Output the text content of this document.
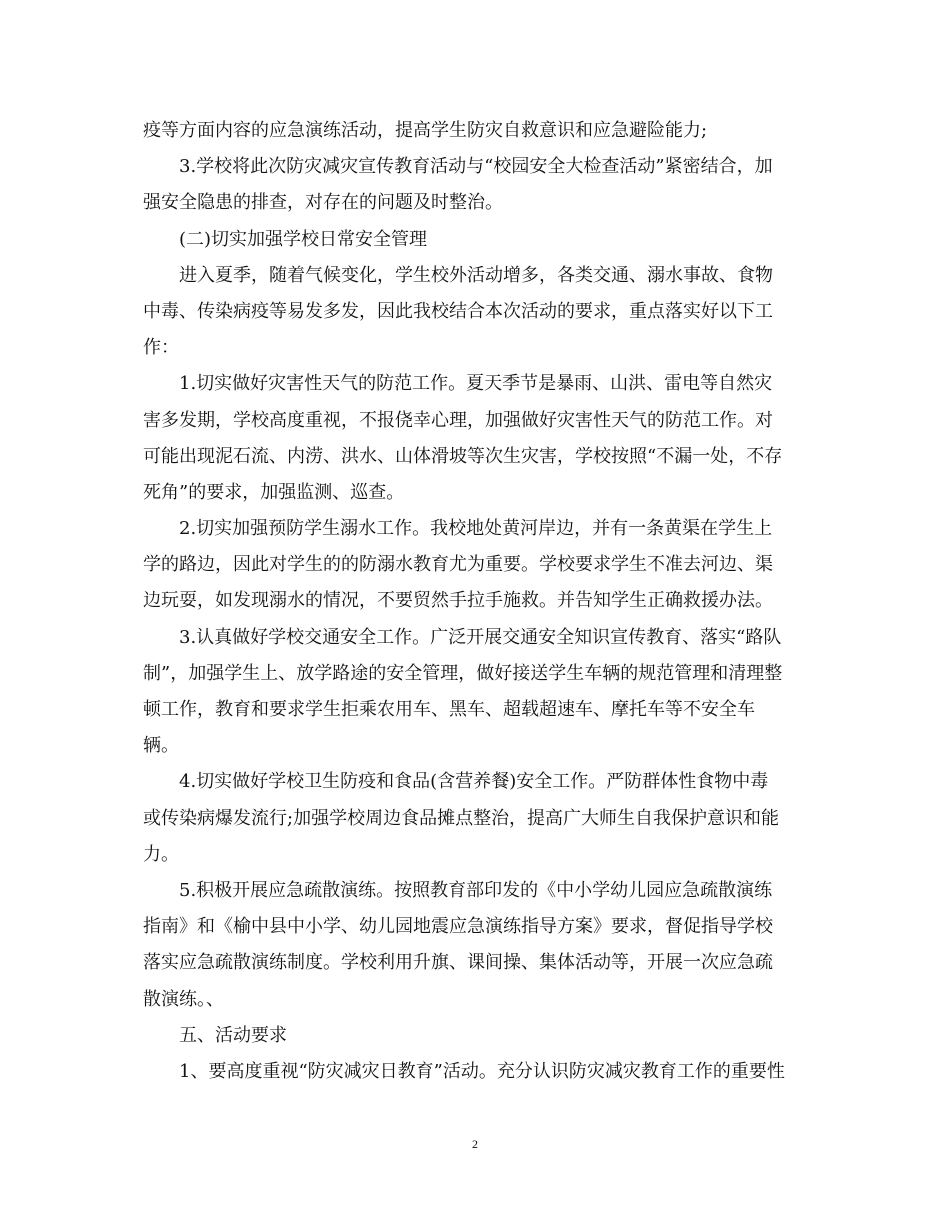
疫等方面内容的应急演练活动，提高学生防灾自救意识和应急避险能力;
3.学校将此次防灾减灾宣传教育活动与“校园安全大检查活动”紧密结合，加
强安全隐患的排查，对存在的问题及时整治。
(二)切实加强学校日常安全管理
进入夏季，随着气候变化，学生校外活动增多，各类交通、溺水事故、食物
中毒、传染病疫等易发多发，因此我校结合本次活动的要求，重点落实好以下工
作：
1.切实做好灾害性天气的防范工作。夏天季节是暴雨、山洪、雷电等自然灾
害多发期，学校高度重视，不报侥幸心理，加强做好灾害性天气的防范工作。对
可能出现泥石流、内涝、洪水、山体滑坡等次生灾害，学校按照“不漏一处，不存
死角”的要求，加强监测、巡查。
2.切实加强预防学生溺水工作。我校地处黄河岸边，并有一条黄渠在学生上
学的路边，因此对学生的的防溺水教育尤为重要。学校要求学生不准去河边、渠
边玩耍，如发现溺水的情况，不要贸然手拉手施救。并告知学生正确救援办法。
3.认真做好学校交通安全工作。广泛开展交通安全知识宣传教育、落实“路队
制”，加强学生上、放学路途的安全管理，做好接送学生车辆的规范管理和清理整
顿工作，教育和要求学生拒乘农用车、黑车、超载超速车、摩托车等不安全车
辆。
4.切实做好学校卫生防疫和食品(含营养餐)安全工作。严防群体性食物中毒
或传染病爆发流行;加强学校周边食品摊点整治，提高广大师生自我保护意识和能
力。
5.积极开展应急疏散演练。按照教育部印发的《中小学幼儿园应急疏散演练
指南》和《榆中县中小学、幼儿园地震应急演练指导方案》要求，督促指导学校
落实应急疏散演练制度。学校利用升旗、课间操、集体活动等，开展一次应急疏
散演练。、
五、活动要求
1、要高度重视“防灾减灾日教育”活动。充分认识防灾减灾教育工作的重要性
2
